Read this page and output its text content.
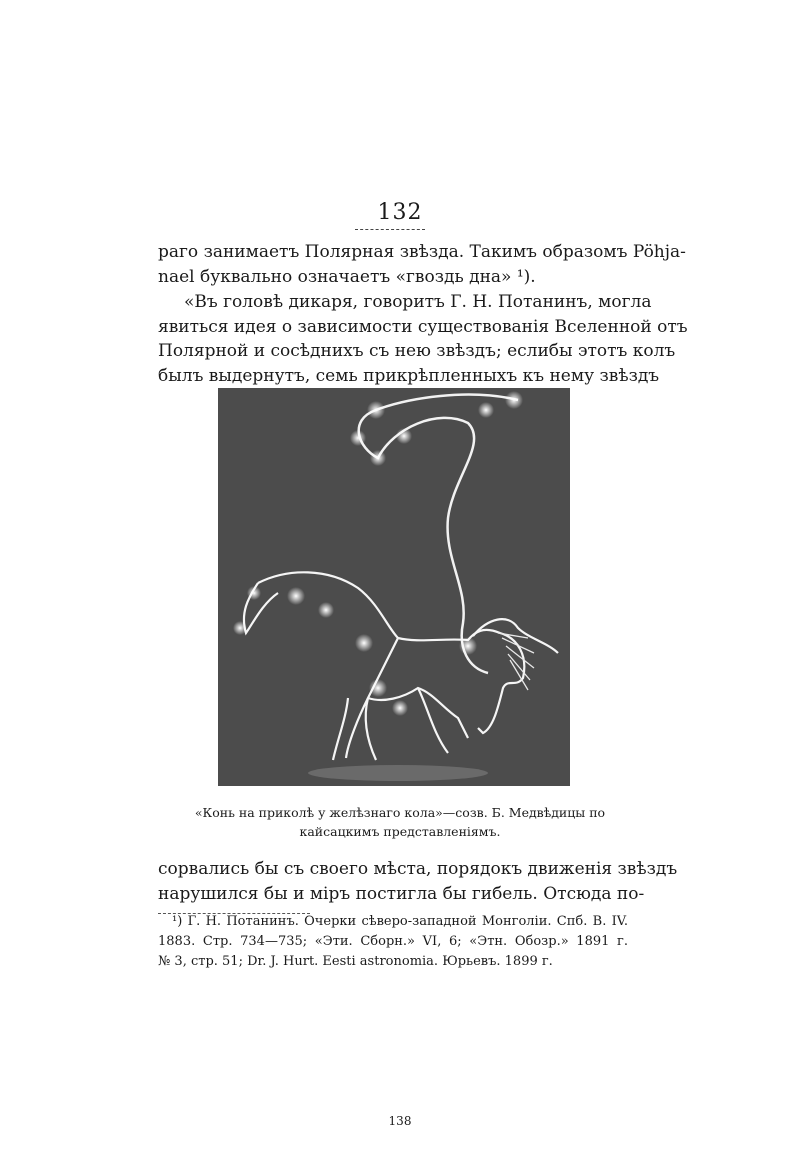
132
раго занимаетъ Полярная звѣзда. Такимъ образомъ Pöhja-
nael буквально означаетъ «гвоздь дна» ¹).
«Въ головѣ дикаря, говоритъ Г. Н. Потанинъ, могла
явиться идея о зависимости существованія Вселенной отъ
Полярной и сосѣднихъ съ нею звѣздъ; еслибы этотъ колъ
былъ выдернутъ, семь прикрѣпленныхъ къ нему звѣздъ
«Конь на приколѣ у желѣзнаго кола»—созв. Б. Медвѣдицы по
кайсацкимъ представленіямъ.
сорвались бы съ своего мѣста, порядокъ движенія звѣздъ
нарушился бы и міръ постигла бы гибель. Отсюда по-
¹) Г. Н. Потанинъ. Очерки сѣверо-западной Монголіи. Спб. В. IV.
1883. Стр. 734—735; «Эти. Сборн.» VI, 6; «Этн. Обозр.» 1891 г.
№ 3, стр. 51; Dr. J. Hurt. Eesti astronomia. Юрьевъ. 1899 г.
138
